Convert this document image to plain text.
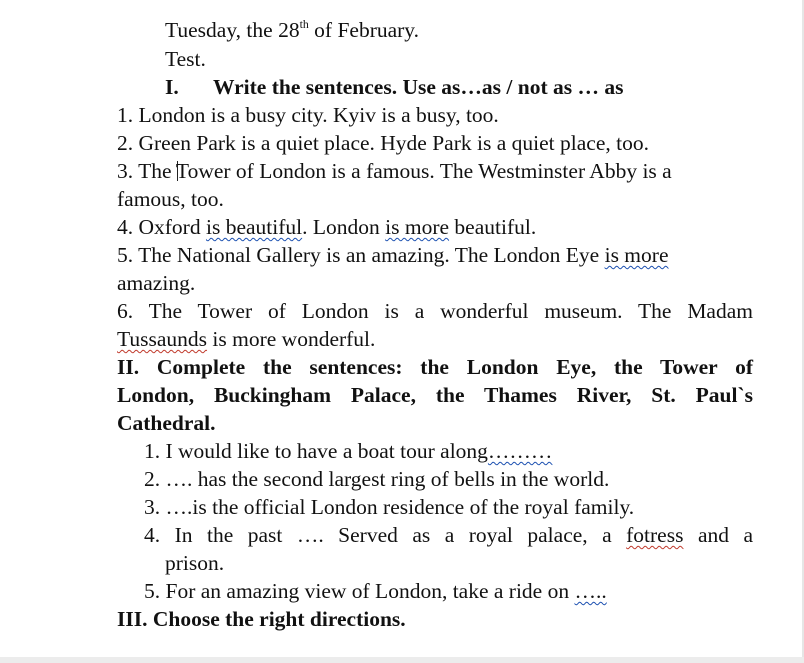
Tuesday, the 28th of February.
Test.
I. Write the sentences. Use as…as / not as … as
1. London is a busy city. Kyiv is a busy, too.
2. Green Park is a quiet place. Hyde Park is a quiet place, too.
3. The Tower of London is a famous. The Westminster Abby is a
famous, too.
4. Oxford is beautiful. London is more beautiful.
5. The National Gallery is an amazing. The London Eye is more
amazing.
6. The Tower of London is a wonderful museum. The Madam
Tussaunds is more wonderful.
II. Complete the sentences: the London Eye, the Tower of
London, Buckingham Palace, the Thames River, St. Paul`s
Cathedral.
1. I would like to have a boat tour along………
2. …. has the second largest ring of bells in the world.
3. ….is the official London residence of the royal family.
4. In the past …. Served as a royal palace, a fotress and a
prison.
5. For an amazing view of London, take a ride on …..
III. Choose the right directions.
